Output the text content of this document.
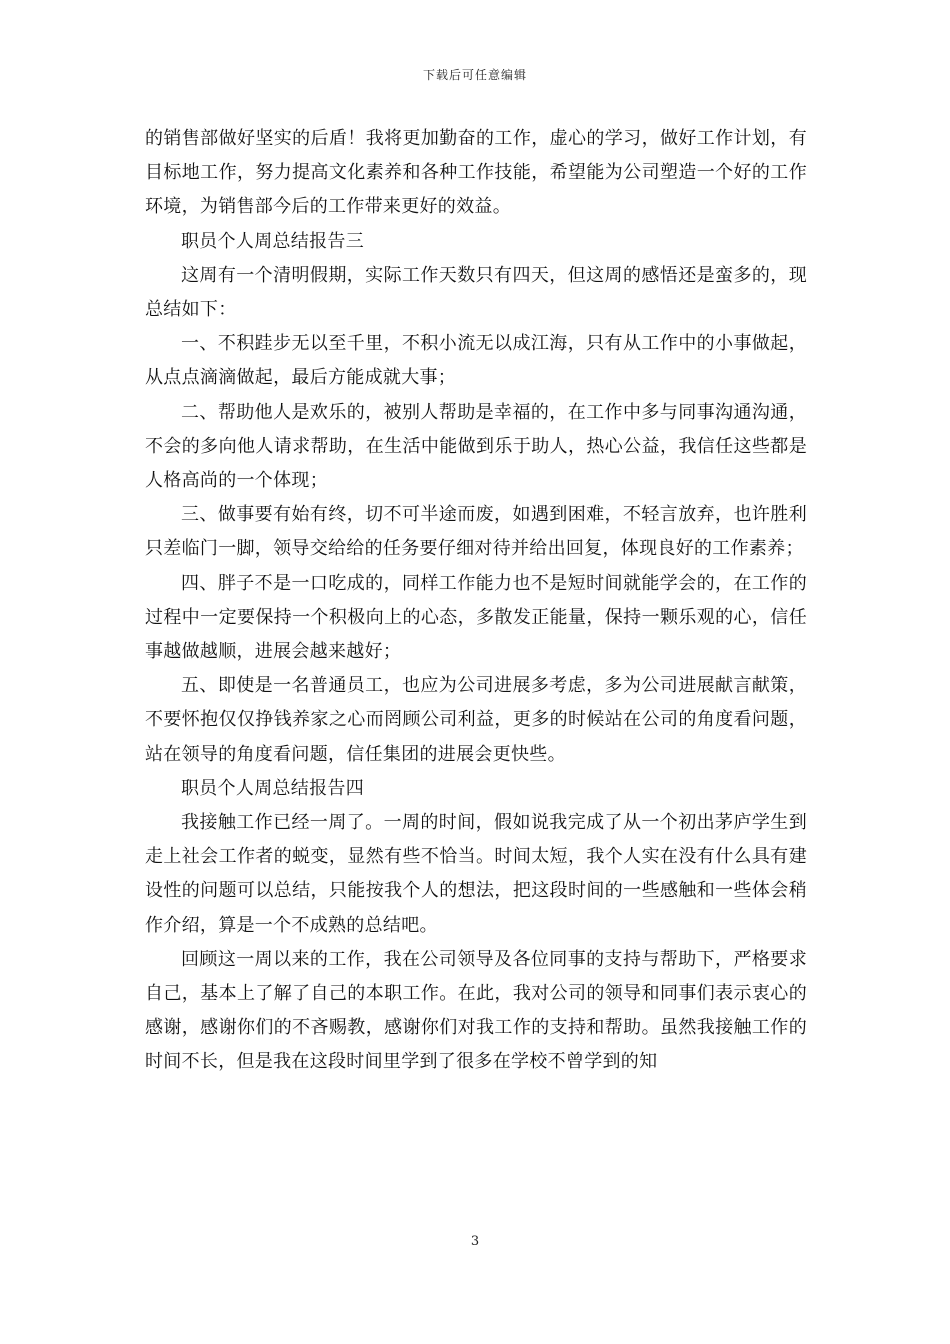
下载后可任意编辑

的销售部做好坚实的后盾！我将更加勤奋的工作，虚心的学习，做好工作计划，有目标地工作，努力提高文化素养和各种工作技能，希望能为公司塑造一个好的工作环境，为销售部今后的工作带来更好的效益。

职员个人周总结报告三

这周有一个清明假期，实际工作天数只有四天，但这周的感悟还是蛮多的，现总结如下：

一、不积跬步无以至千里，不积小流无以成江海，只有从工作中的小事做起，从点点滴滴做起，最后方能成就大事；

二、帮助他人是欢乐的，被别人帮助是幸福的，在工作中多与同事沟通沟通，不会的多向他人请求帮助，在生活中能做到乐于助人，热心公益，我信任这些都是人格高尚的一个体现；

三、做事要有始有终，切不可半途而废，如遇到困难，不轻言放弃，也许胜利只差临门一脚，领导交给给的任务要仔细对待并给出回复，体现良好的工作素养；

四、胖子不是一口吃成的，同样工作能力也不是短时间就能学会的，在工作的过程中一定要保持一个积极向上的心态，多散发正能量，保持一颗乐观的心，信任事越做越顺，进展会越来越好；

五、即使是一名普通员工，也应为公司进展多考虑，多为公司进展献言献策，不要怀抱仅仅挣钱养家之心而罔顾公司利益，更多的时候站在公司的角度看问题，站在领导的角度看问题，信任集团的进展会更快些。

职员个人周总结报告四

我接触工作已经一周了。一周的时间，假如说我完成了从一个初出茅庐学生到走上社会工作者的蜕变，显然有些不恰当。时间太短，我个人实在没有什么具有建设性的问题可以总结，只能按我个人的想法，把这段时间的一些感触和一些体会稍作介绍，算是一个不成熟的总结吧。

回顾这一周以来的工作，我在公司领导及各位同事的支持与帮助下，严格要求自己，基本上了解了自己的本职工作。在此，我对公司的领导和同事们表示衷心的感谢，感谢你们的不吝赐教，感谢你们对我工作的支持和帮助。虽然我接触工作的时间不长，但是我在这段时间里学到了很多在学校不曾学到的知

3
